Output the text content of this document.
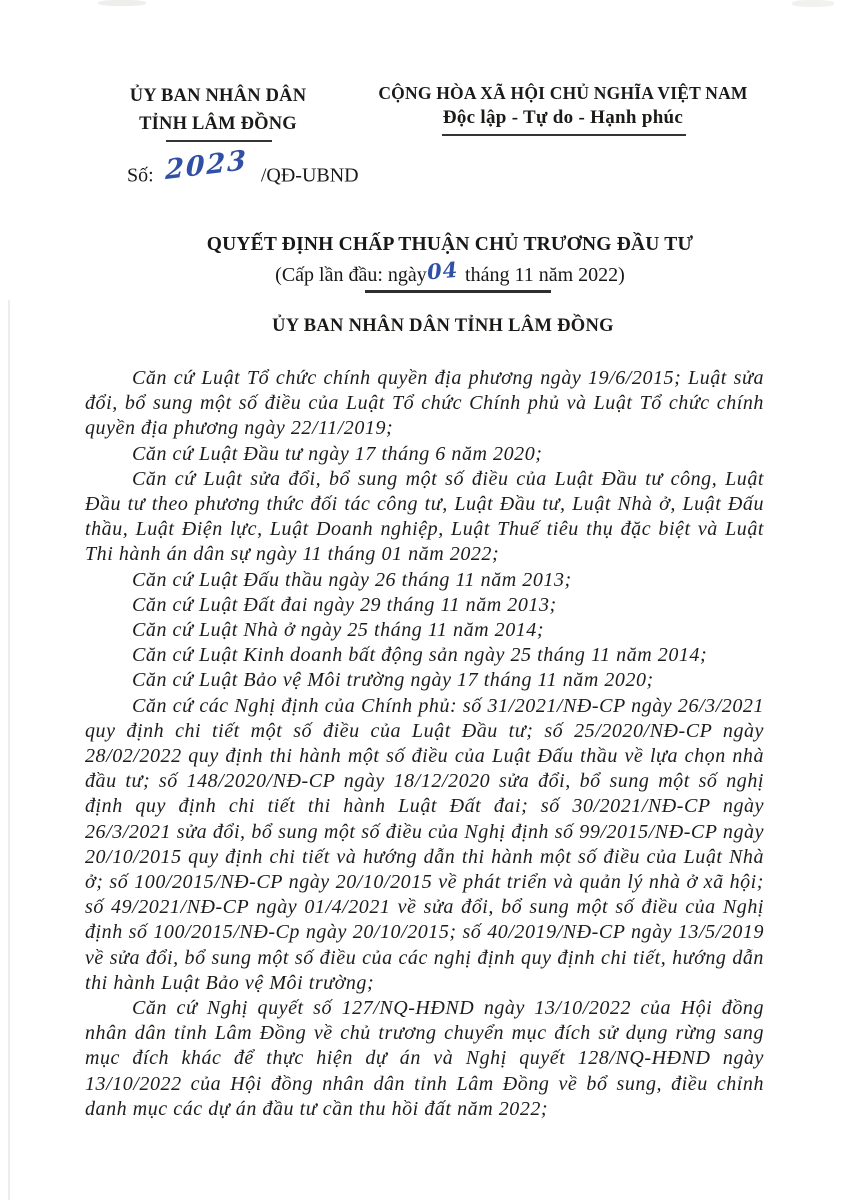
ỦY BAN NHÂN DÂN
TỈNH LÂM ĐỒNG
Số: 2023 /QĐ-UBND
CỘNG HÒA XÃ HỘI CHỦ NGHĨA VIỆT NAM
Độc lập - Tự do - Hạnh phúc
QUYẾT ĐỊNH CHẤP THUẬN CHỦ TRƯƠNG ĐẦU TƯ
(Cấp lần đầu: ngày04 tháng 11 năm 2022)
ỦY BAN NHÂN DÂN TỈNH LÂM ĐỒNG

Căn cứ Luật Tổ chức chính quyền địa phương ngày 19/6/2015; Luật sửa đổi, bổ sung một số điều của Luật Tổ chức Chính phủ và Luật Tổ chức chính quyền địa phương ngày 22/11/2019;

Căn cứ Luật Đầu tư ngày 17 tháng 6 năm 2020;

Căn cứ Luật sửa đổi, bổ sung một số điều của Luật Đầu tư công, Luật Đầu tư theo phương thức đối tác công tư, Luật Đầu tư, Luật Nhà ở, Luật Đấu thầu, Luật Điện lực, Luật Doanh nghiệp, Luật Thuế tiêu thụ đặc biệt và Luật Thi hành án dân sự ngày 11 tháng 01 năm 2022;

Căn cứ Luật Đấu thầu ngày 26 tháng 11 năm 2013;

Căn cứ Luật Đất đai ngày 29 tháng 11 năm 2013;

Căn cứ Luật Nhà ở ngày 25 tháng 11 năm 2014;

Căn cứ Luật Kinh doanh bất động sản ngày 25 tháng 11 năm 2014;

Căn cứ Luật Bảo vệ Môi trường ngày 17 tháng 11 năm 2020;

Căn cứ các Nghị định của Chính phủ: số 31/2021/NĐ-CP ngày 26/3/2021 quy định chi tiết một số điều của Luật Đầu tư; số 25/2020/NĐ-CP ngày 28/02/2022 quy định thi hành một số điều của Luật Đấu thầu về lựa chọn nhà đầu tư; số 148/2020/NĐ-CP ngày 18/12/2020 sửa đổi, bổ sung một số nghị định quy định chi tiết thi hành Luật Đất đai; số 30/2021/NĐ-CP ngày 26/3/2021 sửa đổi, bổ sung một số điều của Nghị định số 99/2015/NĐ-CP ngày 20/10/2015 quy định chi tiết và hướng dẫn thi hành một số điều của Luật Nhà ở; số 100/2015/NĐ-CP ngày 20/10/2015 về phát triển và quản lý nhà ở xã hội; số 49/2021/NĐ-CP ngày 01/4/2021 về sửa đổi, bổ sung một số điều của Nghị định số 100/2015/NĐ-Cp ngày 20/10/2015; số 40/2019/NĐ-CP ngày 13/5/2019 về sửa đổi, bổ sung một số điều của các nghị định quy định chi tiết, hướng dẫn thi hành Luật Bảo vệ Môi trường;

Căn cứ Nghị quyết số 127/NQ-HĐND ngày 13/10/2022 của Hội đồng nhân dân tỉnh Lâm Đồng về chủ trương chuyển mục đích sử dụng rừng sang mục đích khác để thực hiện dự án và Nghị quyết 128/NQ-HĐND ngày 13/10/2022 của Hội đồng nhân dân tỉnh Lâm Đồng về bổ sung, điều chỉnh danh mục các dự án đầu tư cần thu hồi đất năm 2022;
